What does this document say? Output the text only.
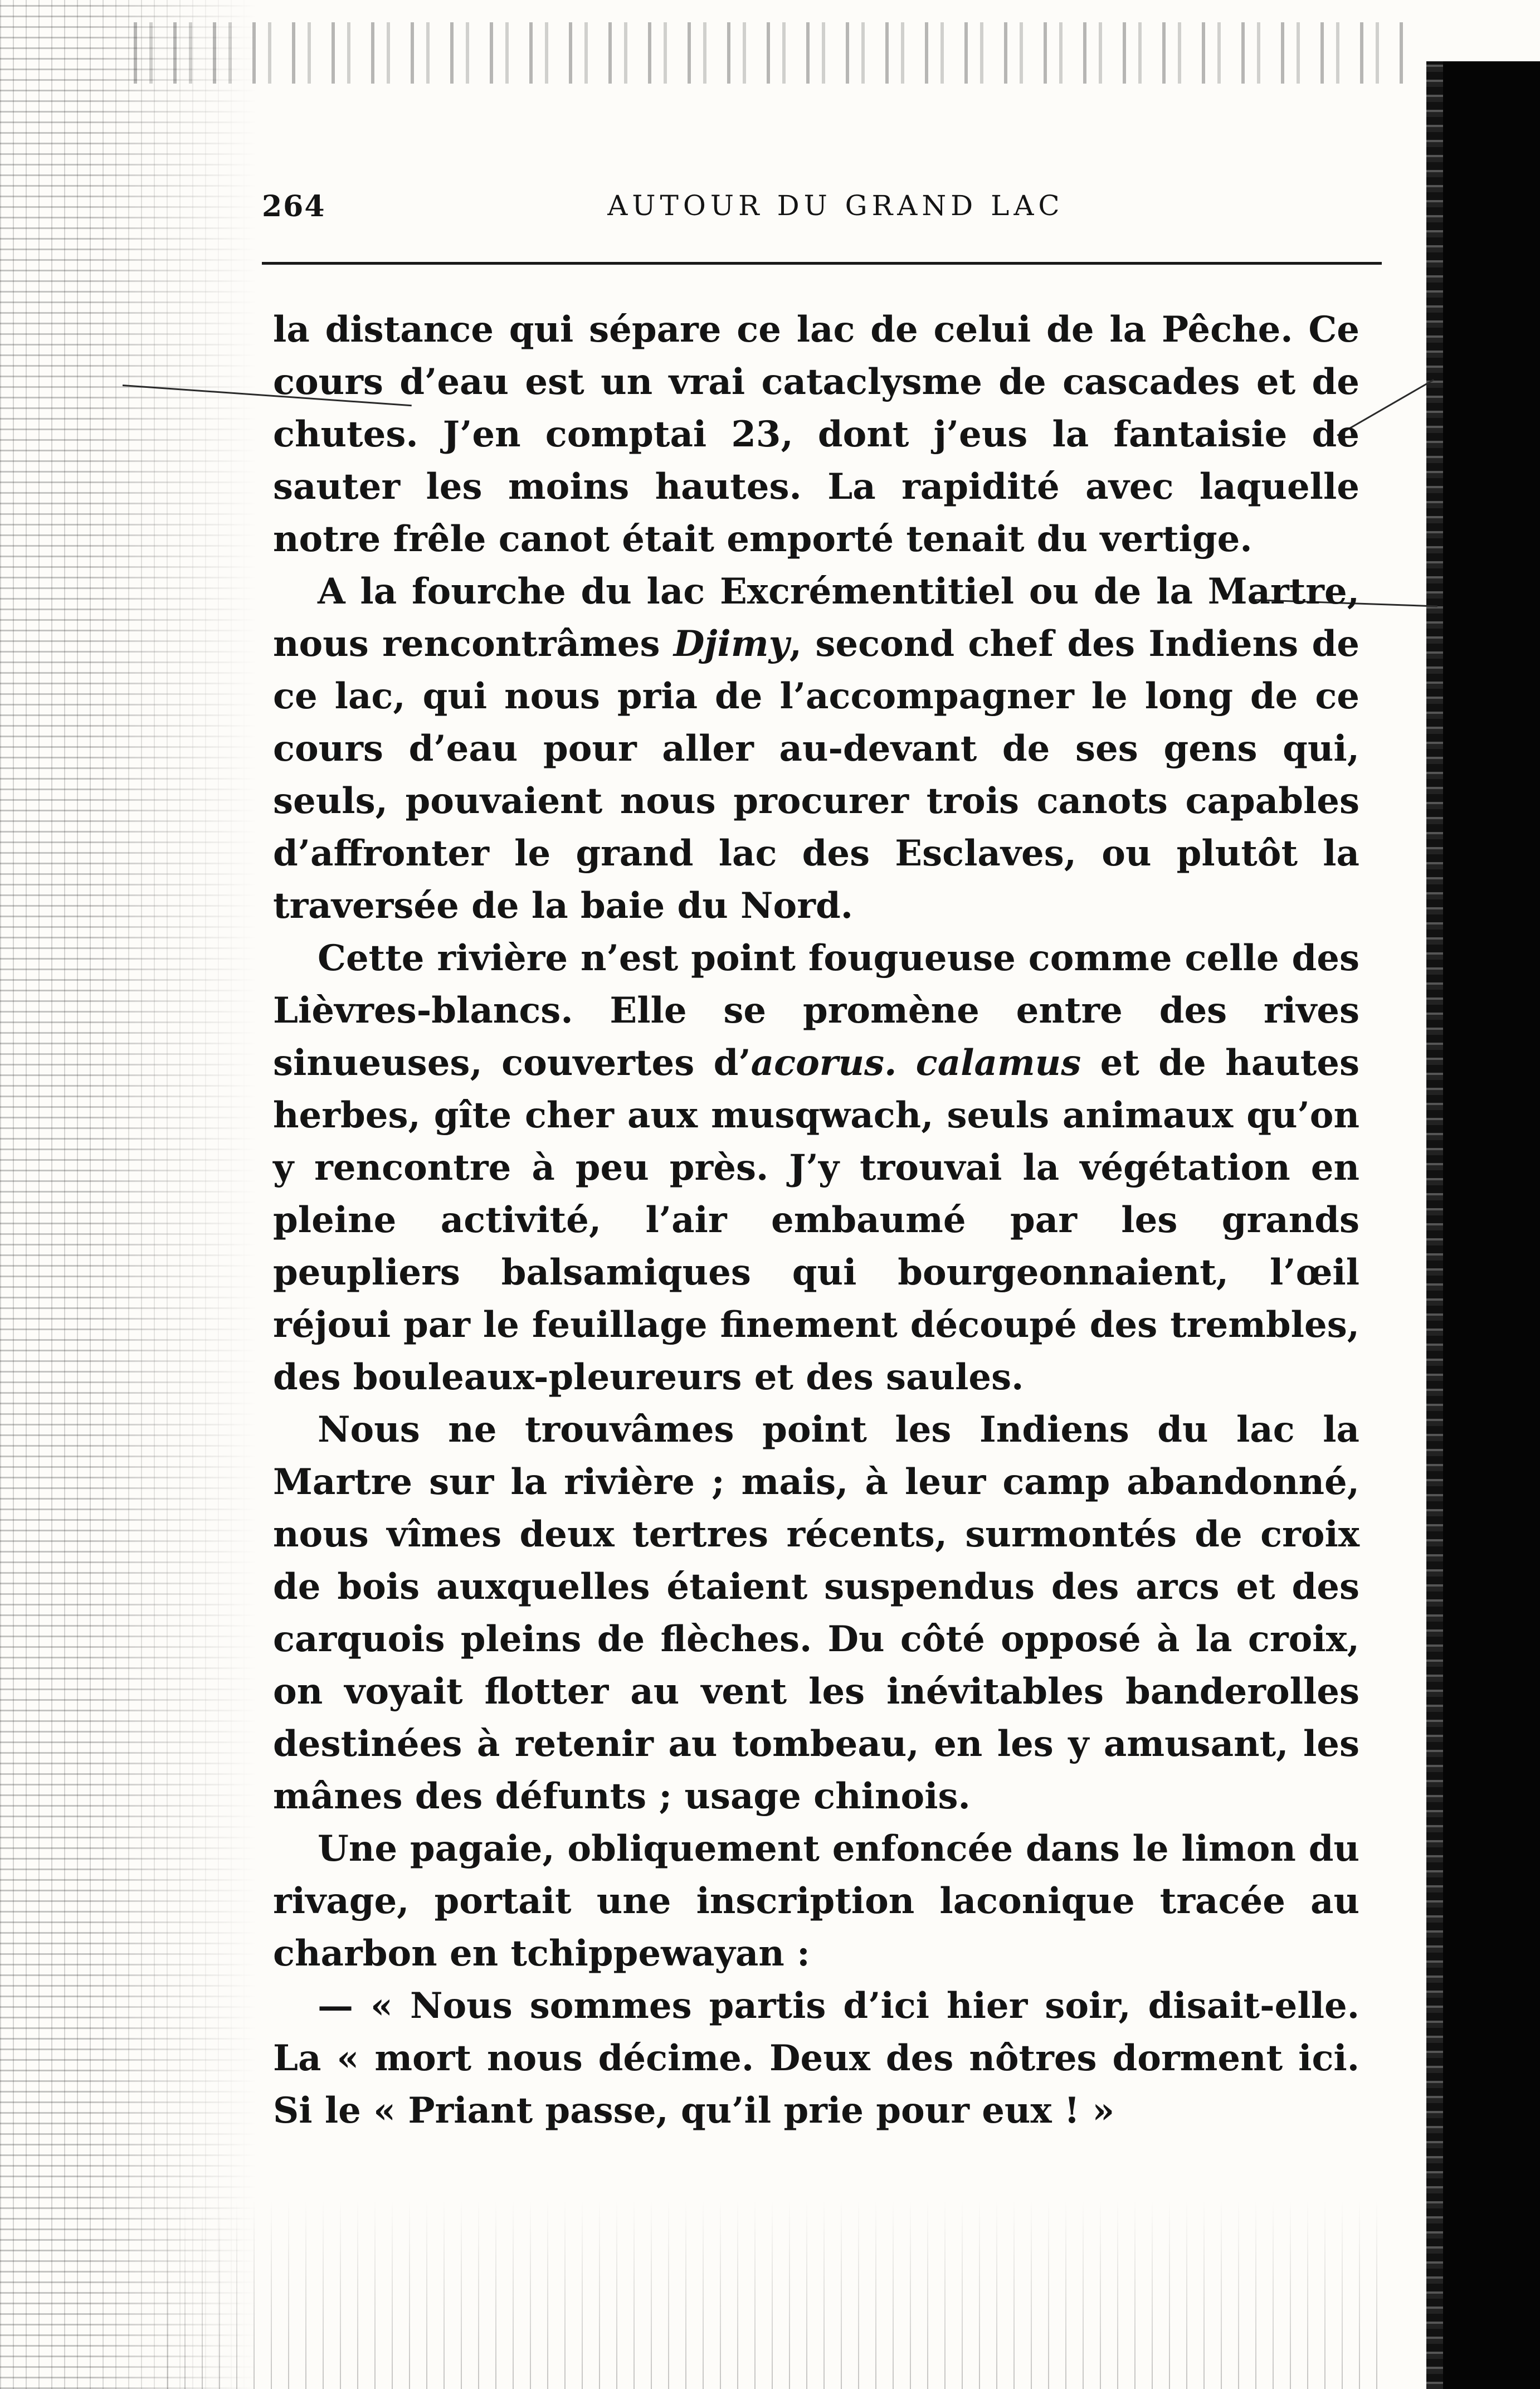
264	AUTOUR DU GRAND LAC

la distance qui sépare ce lac de celui de la Pêche. Ce cours d’eau est un vrai cataclysme de cascades et de chutes. J’en comptai 23, dont j’eus la fantaisie de sauter les moins hautes. La rapidité avec laquelle notre frêle canot était emporté tenait du vertige.

A la fourche du lac Excrémentitiel ou de la Martre, nous rencontrâmes Djimy, second chef des Indiens de ce lac, qui nous pria de l’accompagner le long de ce cours d’eau pour aller au-devant de ses gens qui, seuls, pouvaient nous procurer trois canots capables d’affronter le grand lac des Esclaves, ou plutôt la traversée de la baie du Nord.

Cette rivière n’est point fougueuse comme celle des Lièvres-blancs. Elle se promène entre des rives sinueuses, couvertes d’acorus. calamus et de hautes herbes, gîte cher aux musqwach, seuls animaux qu’on y rencontre à peu près. J’y trouvai la végétation en pleine activité, l’air embaumé par les grands peupliers balsamiques qui bourgeonnaient, l’œil réjoui par le feuillage finement découpé des trembles, des bouleaux-pleureurs et des saules.

Nous ne trouvâmes point les Indiens du lac la Martre sur la rivière ; mais, à leur camp abandonné, nous vîmes deux tertres récents, surmontés de croix de bois auxquelles étaient suspendus des arcs et des carquois pleins de flèches. Du côté opposé à la croix, on voyait flotter au vent les inévitables banderolles destinées à retenir au tombeau, en les y amusant, les mânes des défunts ; usage chinois.

Une pagaie, obliquement enfoncée dans le limon du rivage, portait une inscription laconique tracée au charbon en tchippewayan :

— « Nous sommes partis d’ici hier soir, disait-elle. La « mort nous décime. Deux des nôtres dorment ici. Si le « Priant passe, qu’il prie pour eux ! »
